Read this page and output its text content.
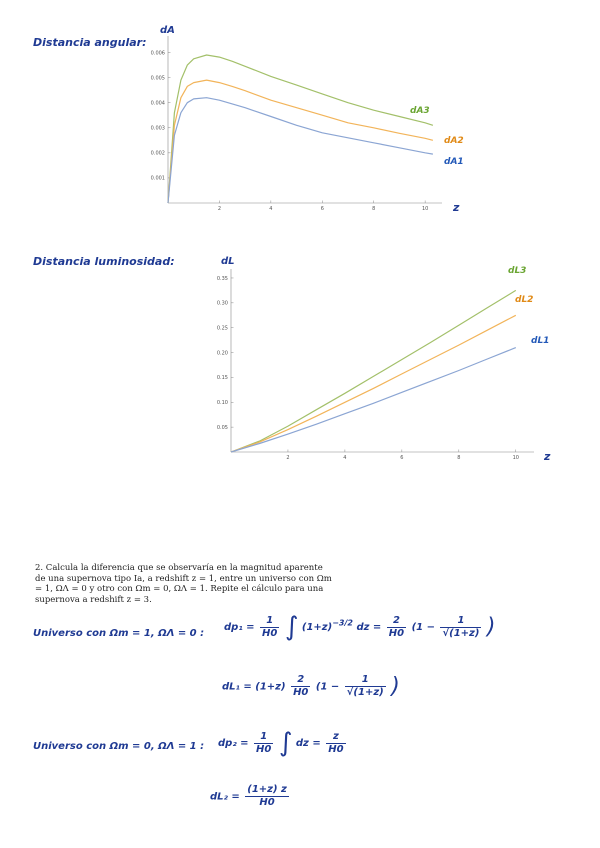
Distancia angular:
Distancia luminosidad:
2	4	6	8	10
0.001
0.002
0.003
0.004
0.005
0.006
dA3
dA2
dA1
dA
z
2	4	6	8	10
0.05
0.10
0.15
0.20
0.25
0.30
0.35
dL3
dL2
dL1
dL
z

2. Calcula la diferencia que se observaría en la magnitud aparente de una supernova tipo Ia, a redshift z = 1, entre un universo con Ωm = 1, ΩΛ = 0 y otro con Ωm = 0, ΩΛ = 1. Repite el cálculo para una supernova a redshift z = 3.

Universo con Ωm = 1, ΩΛ = 0 :
$dp_1 = \frac{1}{H0}$ ∫ $(1+z)^{-3/2}$ dz = $\frac{2}{H0} (1 - \frac{1}{√(1+z)}$ )
$dL_1 = (1+z) \frac{2}{H0} (1 - \frac{1}{√(1+z)}$ )
Universo con Ωm = 0, ΩΛ = 1 : $dp_2 = \frac{1}{H0}$ ∫ dz = $\frac{z}{H0}$
$dL_2 = \frac{(1+z) z}{H0}$
